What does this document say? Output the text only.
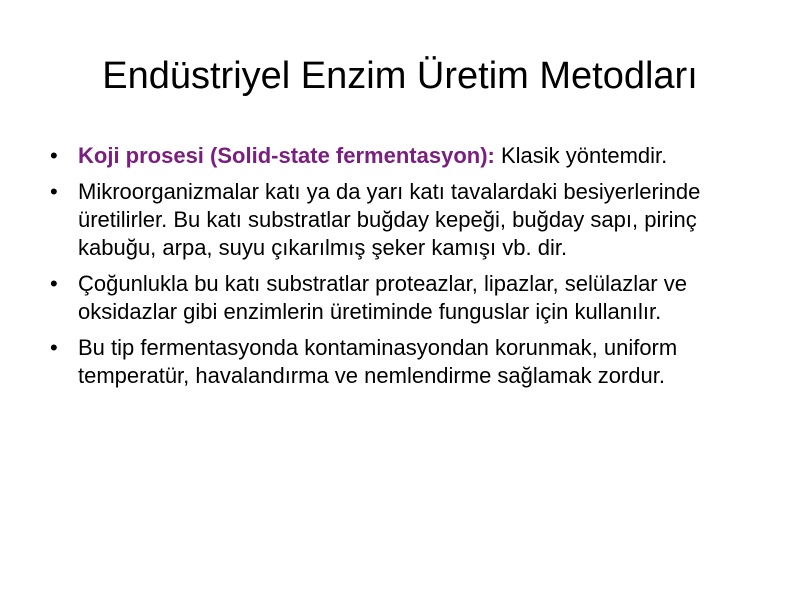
Endüstriyel Enzim Üretim Metodları
• Koji prosesi (Solid-state fermentasyon): Klasik yöntemdir.
• Mikroorganizmalar katı ya da yarı katı tavalardaki besiyerlerinde üretilirler. Bu katı substratlar buğday kepeği, buğday sapı, pirinç kabuğu, arpa, suyu çıkarılmış şeker kamışı vb. dir.
• Çoğunlukla bu katı substratlar proteazlar, lipazlar, selülazlar ve oksidazlar gibi enzimlerin üretiminde funguslar için kullanılır.
• Bu tip fermentasyonda kontaminasyondan korunmak, uniform temperatür, havalandırma ve nemlendirme sağlamak zordur.
